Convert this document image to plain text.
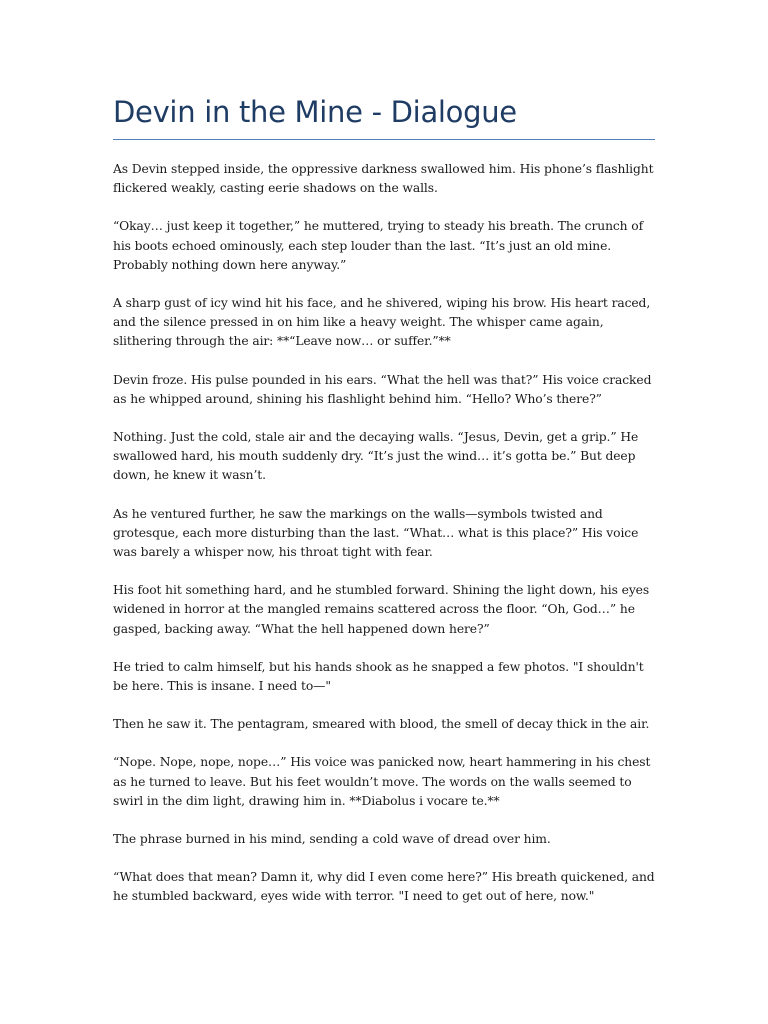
Devin in the Mine - Dialogue

As Devin stepped inside, the oppressive darkness swallowed him. His phone’s flashlight flickered weakly, casting eerie shadows on the walls.

“Okay… just keep it together,” he muttered, trying to steady his breath. The crunch of his boots echoed ominously, each step louder than the last. “It’s just an old mine. Probably nothing down here anyway.”

A sharp gust of icy wind hit his face, and he shivered, wiping his brow. His heart raced, and the silence pressed in on him like a heavy weight. The whisper came again, slithering through the air: **“Leave now… or suffer.”**

Devin froze. His pulse pounded in his ears. “What the hell was that?” His voice cracked as he whipped around, shining his flashlight behind him. “Hello? Who’s there?”

Nothing. Just the cold, stale air and the decaying walls. “Jesus, Devin, get a grip.” He swallowed hard, his mouth suddenly dry. “It’s just the wind… it’s gotta be.” But deep down, he knew it wasn’t.

As he ventured further, he saw the markings on the walls—symbols twisted and grotesque, each more disturbing than the last. “What… what is this place?” His voice was barely a whisper now, his throat tight with fear.

His foot hit something hard, and he stumbled forward. Shining the light down, his eyes widened in horror at the mangled remains scattered across the floor. “Oh, God…” he gasped, backing away. “What the hell happened down here?”

He tried to calm himself, but his hands shook as he snapped a few photos. "I shouldn't be here. This is insane. I need to—"

Then he saw it. The pentagram, smeared with blood, the smell of decay thick in the air.

“Nope. Nope, nope, nope…” His voice was panicked now, heart hammering in his chest as he turned to leave. But his feet wouldn’t move. The words on the walls seemed to swirl in the dim light, drawing him in. **Diabolus i vocare te.**

The phrase burned in his mind, sending a cold wave of dread over him.

“What does that mean? Damn it, why did I even come here?” His breath quickened, and he stumbled backward, eyes wide with terror. "I need to get out of here, now."
